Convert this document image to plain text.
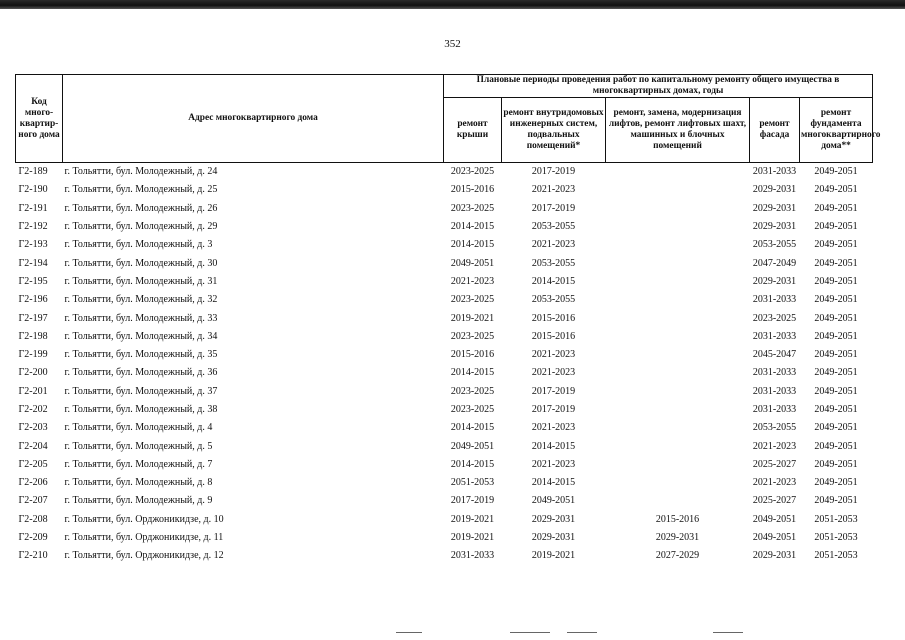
352
Код много-квартир-ного дома	Адрес многоквартирного дома	Плановые периоды проведения работ по капитальному ремонту общего имущества в многоквартирных домах, годы				
		ремонт крыши	ремонт внутридомовых инженерных систем, подвальных помещений*	ремонт, замена, модернизация лифтов, ремонт лифтовых шахт, машинных и блочных помещений	ремонт фасада	ремонт фундамента многоквартирного дома**
Г2-189	г. Тольятти, бул. Молодежный, д. 24	2023-2025	2017-2019		2031-2033	2049-2051
Г2-190	г. Тольятти, бул. Молодежный, д. 25	2015-2016	2021-2023		2029-2031	2049-2051
Г2-191	г. Тольятти, бул. Молодежный, д. 26	2023-2025	2017-2019		2029-2031	2049-2051
Г2-192	г. Тольятти, бул. Молодежный, д. 29	2014-2015	2053-2055		2029-2031	2049-2051
Г2-193	г. Тольятти, бул. Молодежный, д. 3	2014-2015	2021-2023		2053-2055	2049-2051
Г2-194	г. Тольятти, бул. Молодежный, д. 30	2049-2051	2053-2055		2047-2049	2049-2051
Г2-195	г. Тольятти, бул. Молодежный, д. 31	2021-2023	2014-2015		2029-2031	2049-2051
Г2-196	г. Тольятти, бул. Молодежный, д. 32	2023-2025	2053-2055		2031-2033	2049-2051
Г2-197	г. Тольятти, бул. Молодежный, д. 33	2019-2021	2015-2016		2023-2025	2049-2051
Г2-198	г. Тольятти, бул. Молодежный, д. 34	2023-2025	2015-2016		2031-2033	2049-2051
Г2-199	г. Тольятти, бул. Молодежный, д. 35	2015-2016	2021-2023		2045-2047	2049-2051
Г2-200	г. Тольятти, бул. Молодежный, д. 36	2014-2015	2021-2023		2031-2033	2049-2051
Г2-201	г. Тольятти, бул. Молодежный, д. 37	2023-2025	2017-2019		2031-2033	2049-2051
Г2-202	г. Тольятти, бул. Молодежный, д. 38	2023-2025	2017-2019		2031-2033	2049-2051
Г2-203	г. Тольятти, бул. Молодежный, д. 4	2014-2015	2021-2023		2053-2055	2049-2051
Г2-204	г. Тольятти, бул. Молодежный, д. 5	2049-2051	2014-2015		2021-2023	2049-2051
Г2-205	г. Тольятти, бул. Молодежный, д. 7	2014-2015	2021-2023		2025-2027	2049-2051
Г2-206	г. Тольятти, бул. Молодежный, д. 8	2051-2053	2014-2015		2021-2023	2049-2051
Г2-207	г. Тольятти, бул. Молодежный, д. 9	2017-2019	2049-2051		2025-2027	2049-2051
Г2-208	г. Тольятти, бул. Орджоникидзе, д. 10	2019-2021	2029-2031	2015-2016	2049-2051	2051-2053
Г2-209	г. Тольятти, бул. Орджоникидзе, д. 11	2019-2021	2029-2031	2029-2031	2049-2051	2051-2053
Г2-210	г. Тольятти, бул. Орджоникидзе, д. 12	2031-2033	2019-2021	2027-2029	2029-2031	2051-2053
